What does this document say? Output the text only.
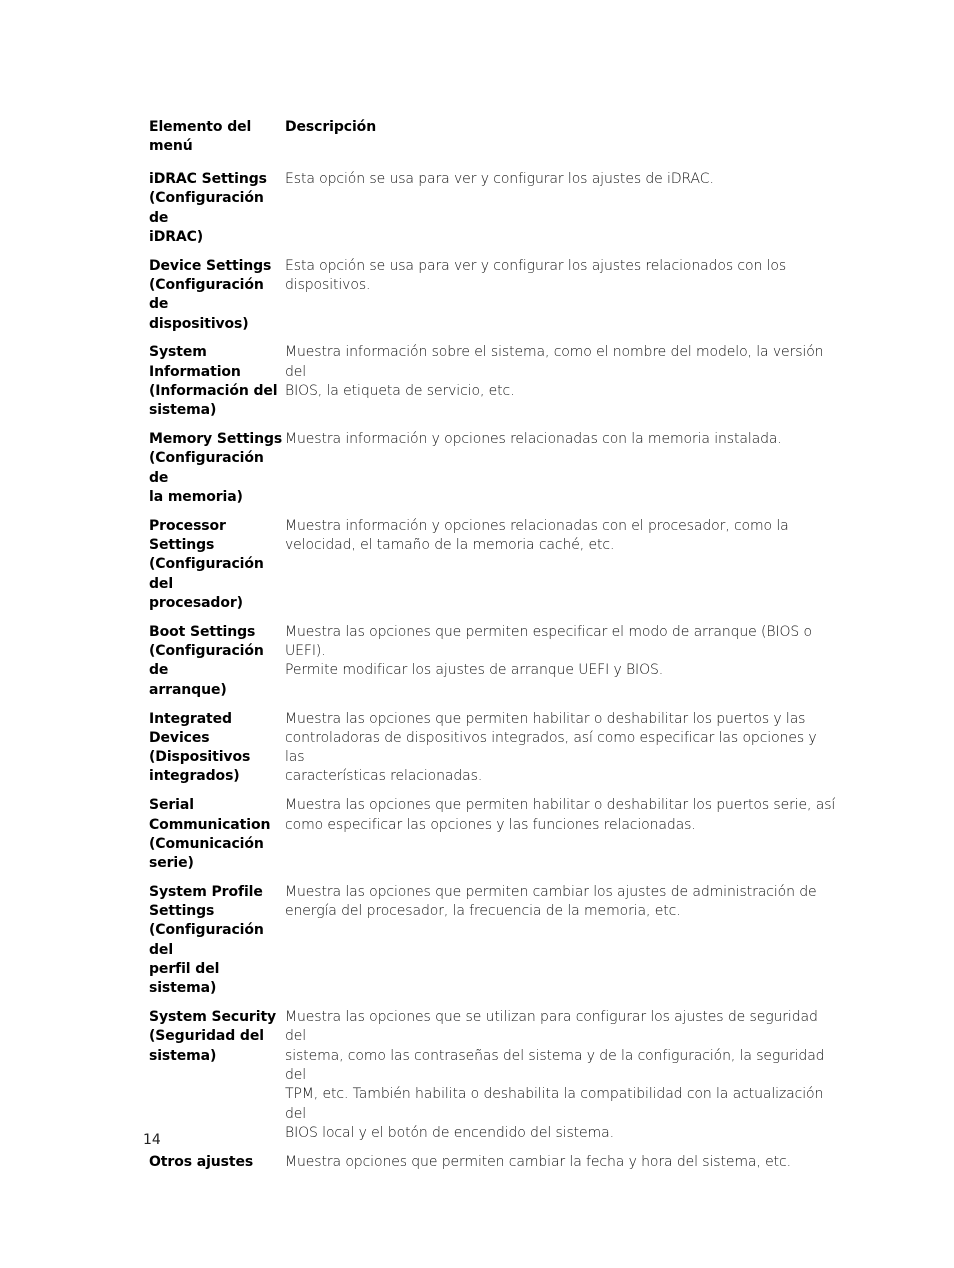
Elemento del
menú
Descripción
iDRAC Settings
(Configuración de
iDRAC)
Esta opción se usa para ver y configurar los ajustes de iDRAC.
Device Settings
(Configuración de
dispositivos)
Esta opción se usa para ver y configurar los ajustes relacionados con los
dispositivos.
System
Information
(Información del
sistema)
Muestra información sobre el sistema, como el nombre del modelo, la versión del
BIOS, la etiqueta de servicio, etc.
Memory Settings
(Configuración de
la memoria)
Muestra información y opciones relacionadas con la memoria instalada.
Processor Settings
(Configuración del
procesador)
Muestra información y opciones relacionadas con el procesador, como la
velocidad, el tamaño de la memoria caché, etc.
Boot Settings
(Configuración de
arranque)
Muestra las opciones que permiten especificar el modo de arranque (BIOS o UEFI).
Permite modificar los ajustes de arranque UEFI y BIOS.
Integrated Devices
(Dispositivos
integrados)
Muestra las opciones que permiten habilitar o deshabilitar los puertos y las
controladoras de dispositivos integrados, así como especificar las opciones y las
características relacionadas.
Serial
Communication
(Comunicación
serie)
Muestra las opciones que permiten habilitar o deshabilitar los puertos serie, así
como especificar las opciones y las funciones relacionadas.
System Profile
Settings
(Configuración del
perfil del sistema)
Muestra las opciones que permiten cambiar los ajustes de administración de
energía del procesador, la frecuencia de la memoria, etc.
System Security
(Seguridad del
sistema)
Muestra las opciones que se utilizan para configurar los ajustes de seguridad del
sistema, como las contraseñas del sistema y de la configuración, la seguridad del
TPM, etc. También habilita o deshabilita la compatibilidad con la actualización del
BIOS local y el botón de encendido del sistema.
Otros ajustes	Muestra opciones que permiten cambiar la fecha y hora del sistema, etc.
14
